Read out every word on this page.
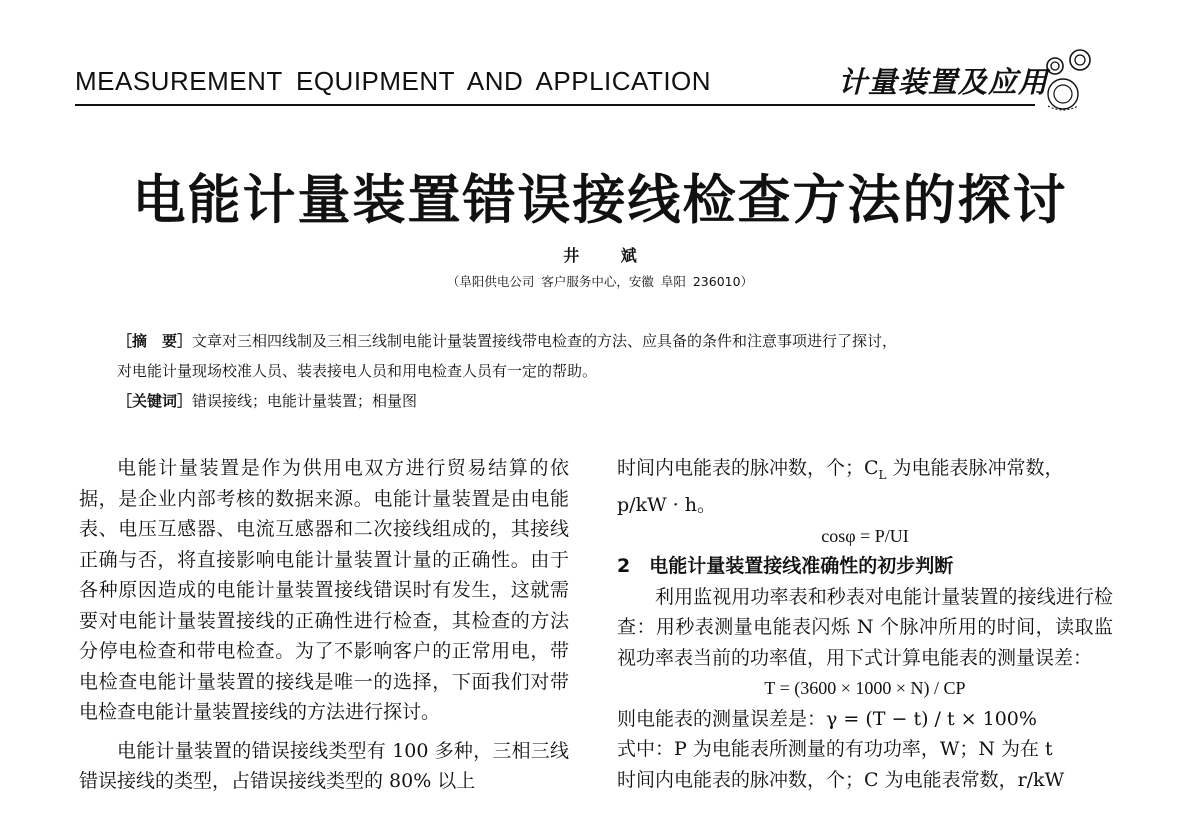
MEASUREMENT EQUIPMENT AND APPLICATION	计量装置及应用
电能计量装置错误接线检查方法的探讨
井 斌
（阜阳供电公司 客户服务中心，安徽 阜阳 236010）
［摘　要］文章对三相四线制及三相三线制电能计量装置接线带电检查的方法、应具备的条件和注意事项进行了探讨，
对电能计量现场校准人员、装表接电人员和用电检查人员有一定的帮助。
［关键词］错误接线；电能计量装置；相量图

电能计量装置是作为供用电双方进行贸易结算的依据，是企业内部考核的数据来源。电能计量装置是由电能表、电压互感器、电流互感器和二次接线组成的，其接线正确与否，将直接影响电能计量装置计量的正确性。由于各种原因造成的电能计量装置接线错误时有发生，这就需要对电能计量装置接线的正确性进行检查，其检查的方法分停电检查和带电检查。为了不影响客户的正常用电，带电检查电能计量装置的接线是唯一的选择，下面我们对带电检查电能计量装置接线的方法进行探讨。

电能计量装置的错误接线类型有 100 多种，三相三线错误接线的类型，占错误接线类型的 80% 以上

时间内电能表的脉冲数，个；$C_L$ 为电能表脉冲常数，

p/kW · h。

cosφ = P/UI

2　电能计量装置接线准确性的初步判断

利用监视用功率表和秒表对电能计量装置的接线进行检查：用秒表测量电能表闪烁 N 个脉冲所用的时间，读取监视功率表当前的功率值，用下式计算电能表的测量误差：

T = (3600 × 1000 × N) / CP

则电能表的测量误差是：γ = (T − t) / t × 100%

式中：P 为电能表所测量的有功功率，W；N 为在 t

时间内电能表的脉冲数，个；C 为电能表常数，r/kW
